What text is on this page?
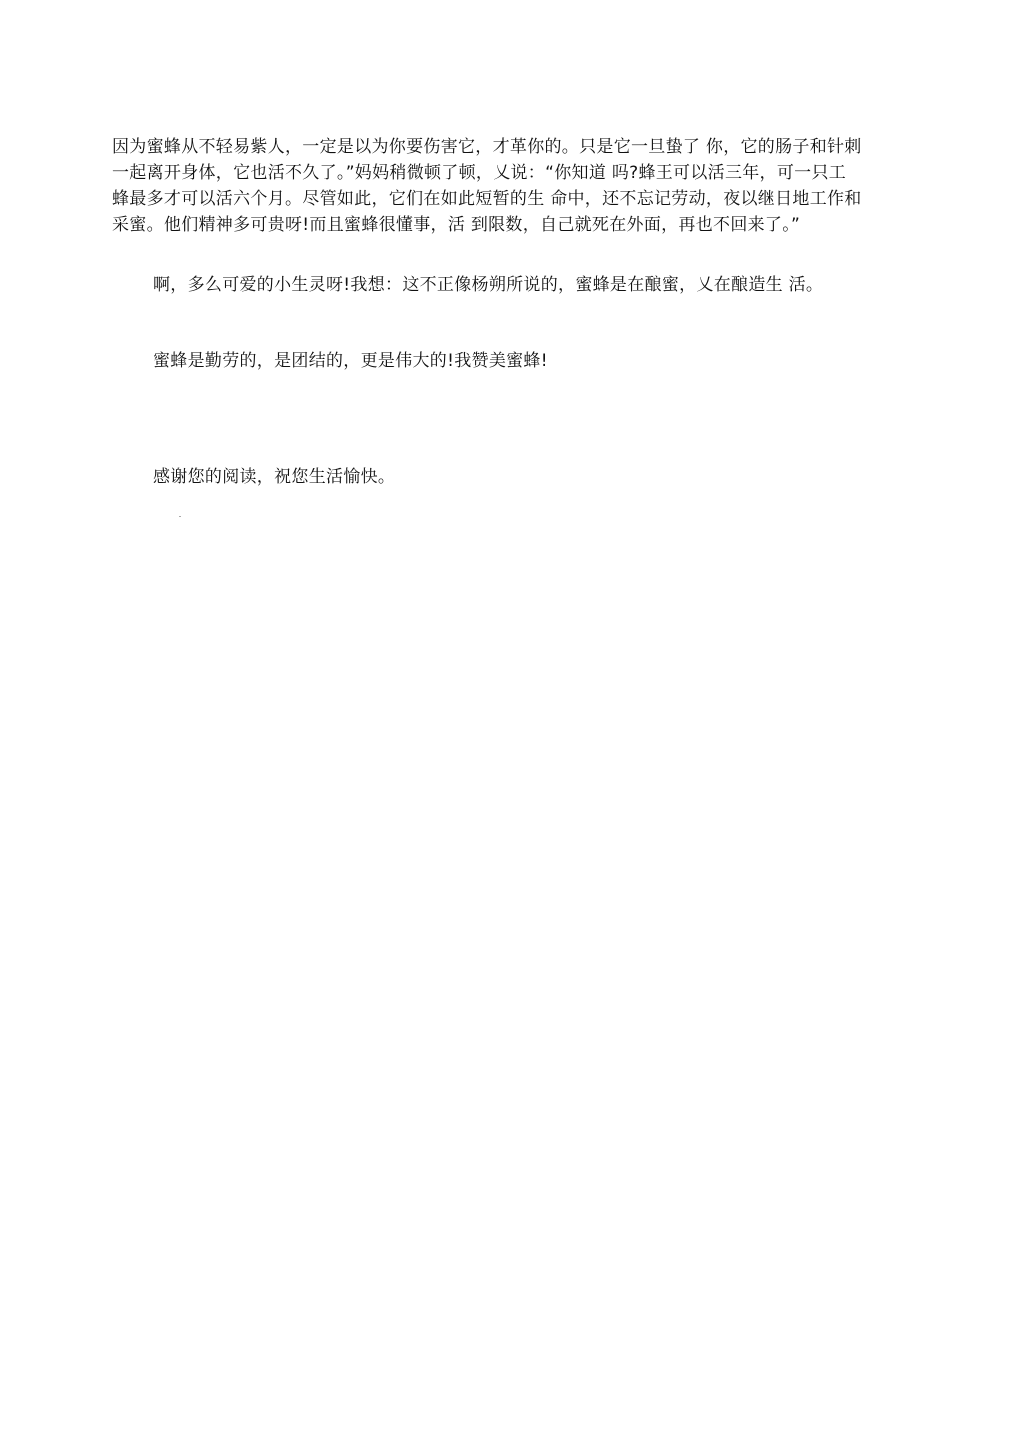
因为蜜蜂从不轻易紫人，一定是以为你要伤害它，才革你的。只是它一旦蛰了 你，它的肠子和针刺
一起离开身体，它也活不久了。”妈妈稍微顿了顿，乂说：“你知道 吗?蜂王可以活三年，可一只工
蜂最多才可以活六个月。尽管如此，它们在如此短暂的生 命中，还不忘记劳动，夜以继日地工作和
采蜜。他们精神多可贵呀!而且蜜蜂很懂事，活 到限数，自己就死在外面，再也不回来了。”
啊，多么可爱的小生灵呀!我想：这不正像杨朔所说的，蜜蜂是在酿蜜，乂在酿造生 活。
蜜蜂是勤劳的，是团结的，更是伟大的!我赞美蜜蜂!
感谢您的阅读，祝您生活愉快。
